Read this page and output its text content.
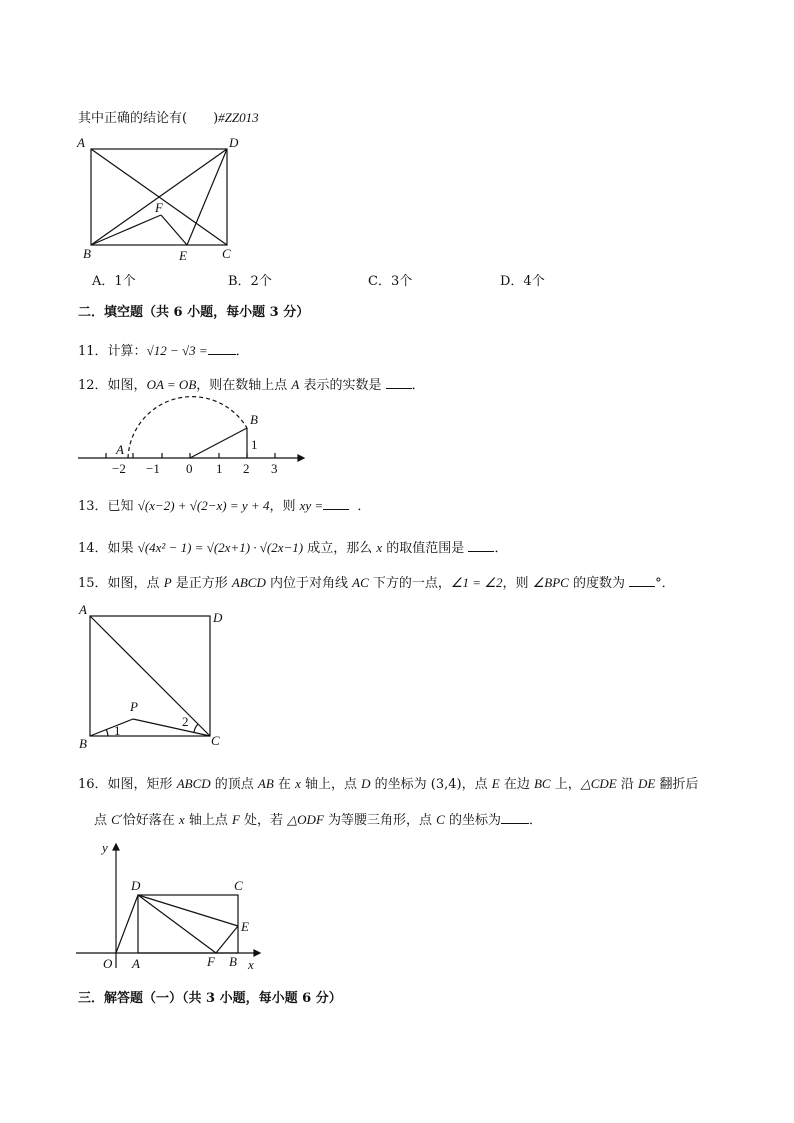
其中正确的结论有(　　)#ZZ013
A	D
F
B	E	C
A．1个	B．2个	C．3个	D．4个
二．填空题（共 6 小题，每小题 3 分）
11．计算：√12 − √3 = ．
12．如图，OA = OB，则在数轴上点 A 表示的实数是 ．
A
B
1
−2 −1 0 1 2 3
13．已知 √(x−2) + √(2−x) = y + 4，则 xy =	．
14．如果 √(4x² − 1) = √(2x+1) · √(2x−1) 成立，那么 x 的取值范围是 ．
15．如图，点 P 是正方形 ABCD 内位于对角线 AC 下方的一点，∠1 = ∠2，则 ∠BPC 的度数为 °．
A
D
P
2
B
1
C
16．如图，矩形 ABCD 的顶点 AB 在 x 轴上，点 D 的坐标为 (3,4)，点 E 在边 BC 上，△CDE 沿 DE 翻折后
点 C′恰好落在 x 轴上点 F 处，若 △ODF 为等腰三角形，点 C 的坐标为 ．
y
D	C
E
O A	F B x
三．解答题（一）（共 3 小题，每小题 6 分）
